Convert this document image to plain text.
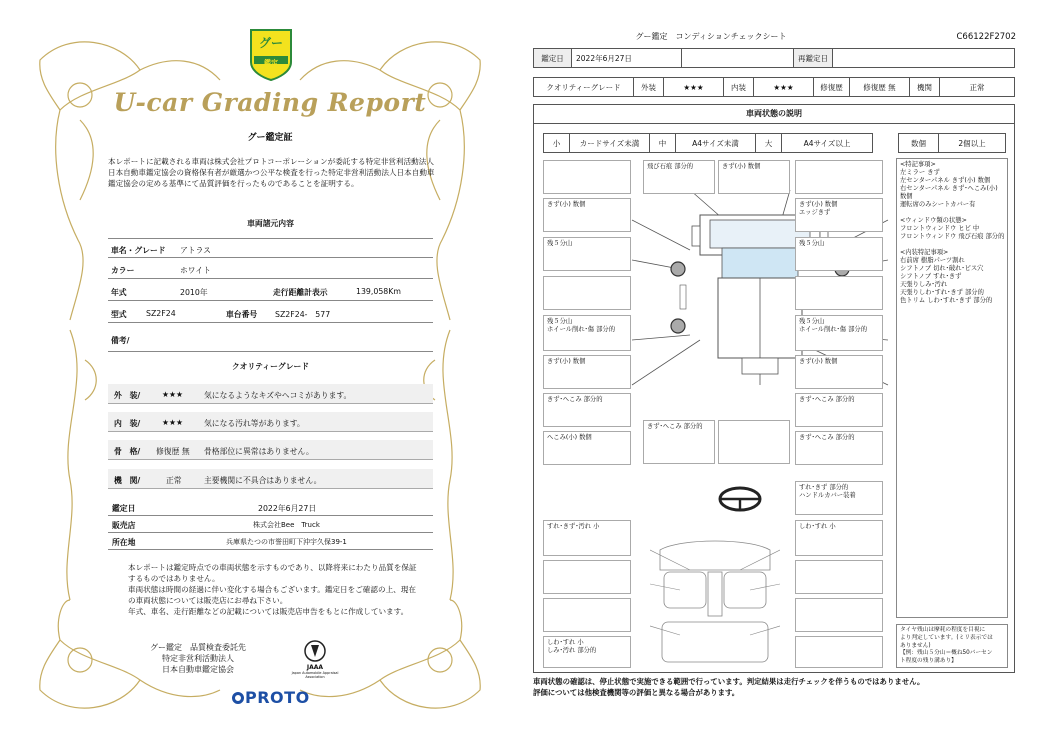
グー
鑑定
U-car Grading Report
グー鑑定証
本レポートに記載される車両は株式会社プロトコーポレーションが委託する特定非営利活動法人日本自動車鑑定協会の資格保有者が厳選かつ公平な検査を行った特定非営利活動法人日本自動車鑑定協会の定める基準にて品質評価を行ったものであることを証明する。
車両諸元内容
車名・グレード アトラス
カラー	ホワイト
年式	2010年	走行距離計表示	139,058Km
型式 SZ2F24	車台番号 SZ2F24-　577
備考/
クオリティーグレード
外　装/	★★★	気になるようなキズやヘコミがあります。
内　装/	★★★	気になる汚れ等があります。
骨　格/ 修復歴 無 骨格部位に異常はありません。
機　関/	正常	主要機関に不具合はありません。
鑑定日	2022年6月27日
販売店	株式会社Bee　Truck
所在地	兵庫県たつの市誉田町下沖宇久保39-1
本レポートは鑑定時点での車両状態を示すものであり、以降将来にわたり品質を保証するものではありません。
車両状態は時間の経過に伴い変化する場合もございます。鑑定日をご確認の上、現在の車両状態については販売店にお尋ね下さい。
年式、車名、走行距離などの記載については販売店申告をもとに作成しています。
グー鑑定　品質検査委託先
特定非営利活動法人
日本自動車鑑定協会	JAAA
Japan Automobile Appraisal Association
PROTO
グー鑑定　コンディションチェックシート	C66122F2702
鑑定日	2022年6月27日		再鑑定日	
クオリティーグレード	外装	★★★	内装	★★★	修復歴	修復歴 無	機関	正常
車両状態の説明
小	カードサイズ未満	中	A4サイズ未満	大	A4サイズ以上	数個	2個以上
きず(小) 数個
残５分山
残５分山
ホイール削れ･傷 部分的
きず(小) 数個
きず･へこみ 部分的
へこみ(小) 数個
飛び石痕 部分的	きず(小) 数個
きず･へこみ 部分的
きず(小) 数個
エッジきず
残５分山
残５分山
ホイール削れ･傷 部分的
きず(小) 数個
きず･へこみ 部分的
きず･へこみ 部分的
<特記事項>
左ミラー きず
左センターパネル きず(小) 数個
右センターパネル きず･へこみ(小)
数個
運転席のみシートカバー有
<ウィンドウ類の状態>
フロントウィンドウ ヒビ 中
フロントウィンドウ 飛び石痕 部分的
<内装特記事項>
右前席 樹脂パーツ割れ
シフトノブ 切れ･破れ･ピス穴
シフトノブ すれ･きず
天張りしみ･汚れ
天張りしわ･すれ･きず 部分的
色トリム しわ･すれ･きず 部分的
タイヤ残山は摩耗の程度を目視に
より判定しています。(ミリ表示では
ありません)
【例：残山５分山＝概ね50パーセン
ト程度の残り溝あり】
すれ･きず 部分的
ハンドルカバー装着
すれ･きず･汚れ 小
しわ･すれ 小
しみ･汚れ 部分的
しわ･すれ 小
車両状態の確認は、停止状態で実施できる範囲で行っています。判定結果は走行チェックを伴うものではありません。
評価については他検査機関等の評価と異なる場合があります。
